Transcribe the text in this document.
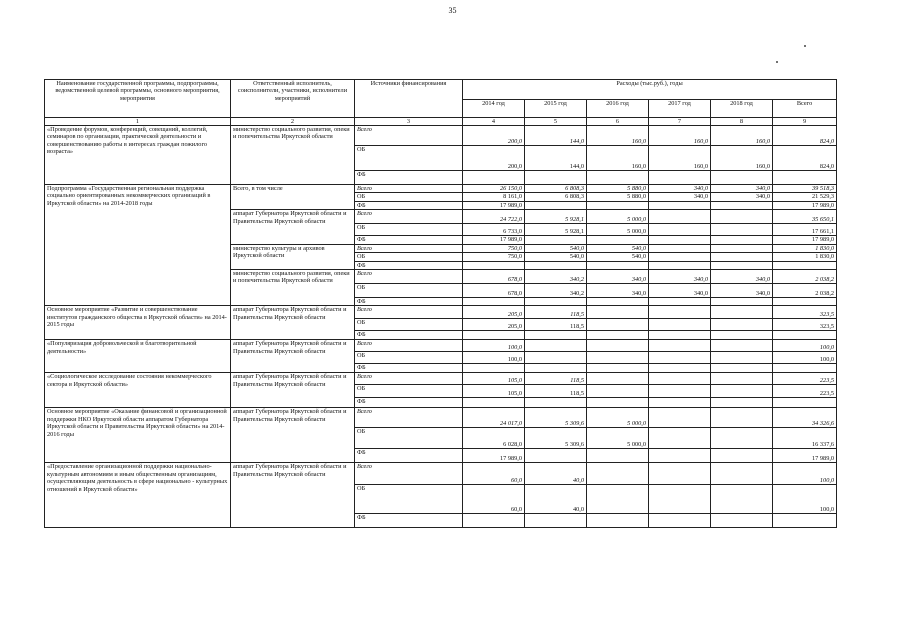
35
Наименование государственной программы, подпрограммы, ведомственной целевой программы, основного мероприятия, мероприятия	Ответственный исполнитель, соисполнители, участники, исполнители мероприятий	Источники финансирования	Расходы (тыс.руб.), годы					
			2014 год	2015 год	2016 год	2017 год	2018 год	Всего
1	2	3	4	5	6	7	8	9
«Проведение форумов, конференций, совещаний, коллегий, семинаров по организации, практической деятельности и совершенствованию работы в интересах граждан пожилого возраста»	министерство социального развития, опеки и попечительства Иркутской области	Всего	200,0	144,0	160,0	160,0	160,0	824,0
		ОБ	200,0	144,0	160,0	160,0	160,0	824,0
		ФБ						
Подпрограмма «Государственная региональная поддержка социально ориентированных некоммерческих организаций в Иркутской области» на 2014-2018 годы	Всего, в том числе	Всего	26 150,0	6 808,3	5 880,0	340,0	340,0	39 518,3
		ОБ	8 161,0	6 808,3	5 880,0	340,0	340,0	21 529,3
		ФБ	17 989,0					17 989,0
	аппарат Губернатора Иркутской области и Правительства Иркутской области	Всего	24 722,0	5 928,1	5 000,0			35 650,1
		ОБ	6 733,0	5 928,1	5 000,0			17 661,1
		ФБ	17 989,0					17 989,0
	министерство культуры и архивов Иркутской области	Всего	750,0	540,0	540,0			1 830,0
		ОБ	750,0	540,0	540,0			1 830,0
		ФБ						
	министерство социального развития, опеки и попечительства Иркутской области	Всего	678,0	340,2	340,0	340,0	340,0	2 038,2
		ОБ	678,0	340,2	340,0	340,0	340,0	2 038,2
		ФБ						
Основное мероприятие «Развитие и совершенствование институтов гражданского общества в Иркутской области» на 2014-2015 годы	аппарат Губернатора Иркутской области и Правительства Иркутской области	Всего	205,0	118,5				323,5
		ОБ	205,0	118,5				323,5
		ФБ						
«Популяризация добровольческой и благотворительной деятельности»	аппарат Губернатора Иркутской области и Правительства Иркутской области	Всего	100,0					100,0
		ОБ	100,0					100,0
		ФБ						
«Социологическое исследование состояния некоммерческого сектора в Иркутской области»	аппарат Губернатора Иркутской области и Правительства Иркутской области	Всего	105,0	118,5				223,5
		ОБ	105,0	118,5				223,5
		ФБ						
Основное мероприятие «Оказание финансовой и организационной поддержки НКО Иркутской области аппаратом Губернатора Иркутской области и Правительства Иркутской области» на 2014-2016 годы	аппарат Губернатора Иркутской области и Правительства Иркутской области	Всего	24 017,0	5 309,6	5 000,0			34 326,6
		ОБ	6 028,0	5 309,6	5 000,0			16 337,6
		ФБ	17 989,0					17 989,0
«Предоставление организационной поддержки национально-культурным автономиям и иным общественным организациям, осуществляющим деятельность в сфере национально - культурных отношений в Иркутской области»	аппарат Губернатора Иркутской области и Правительства Иркутской области	Всего	60,0	40,0				100,0
		ОБ	60,0	40,0				100,0
		ФБ						
